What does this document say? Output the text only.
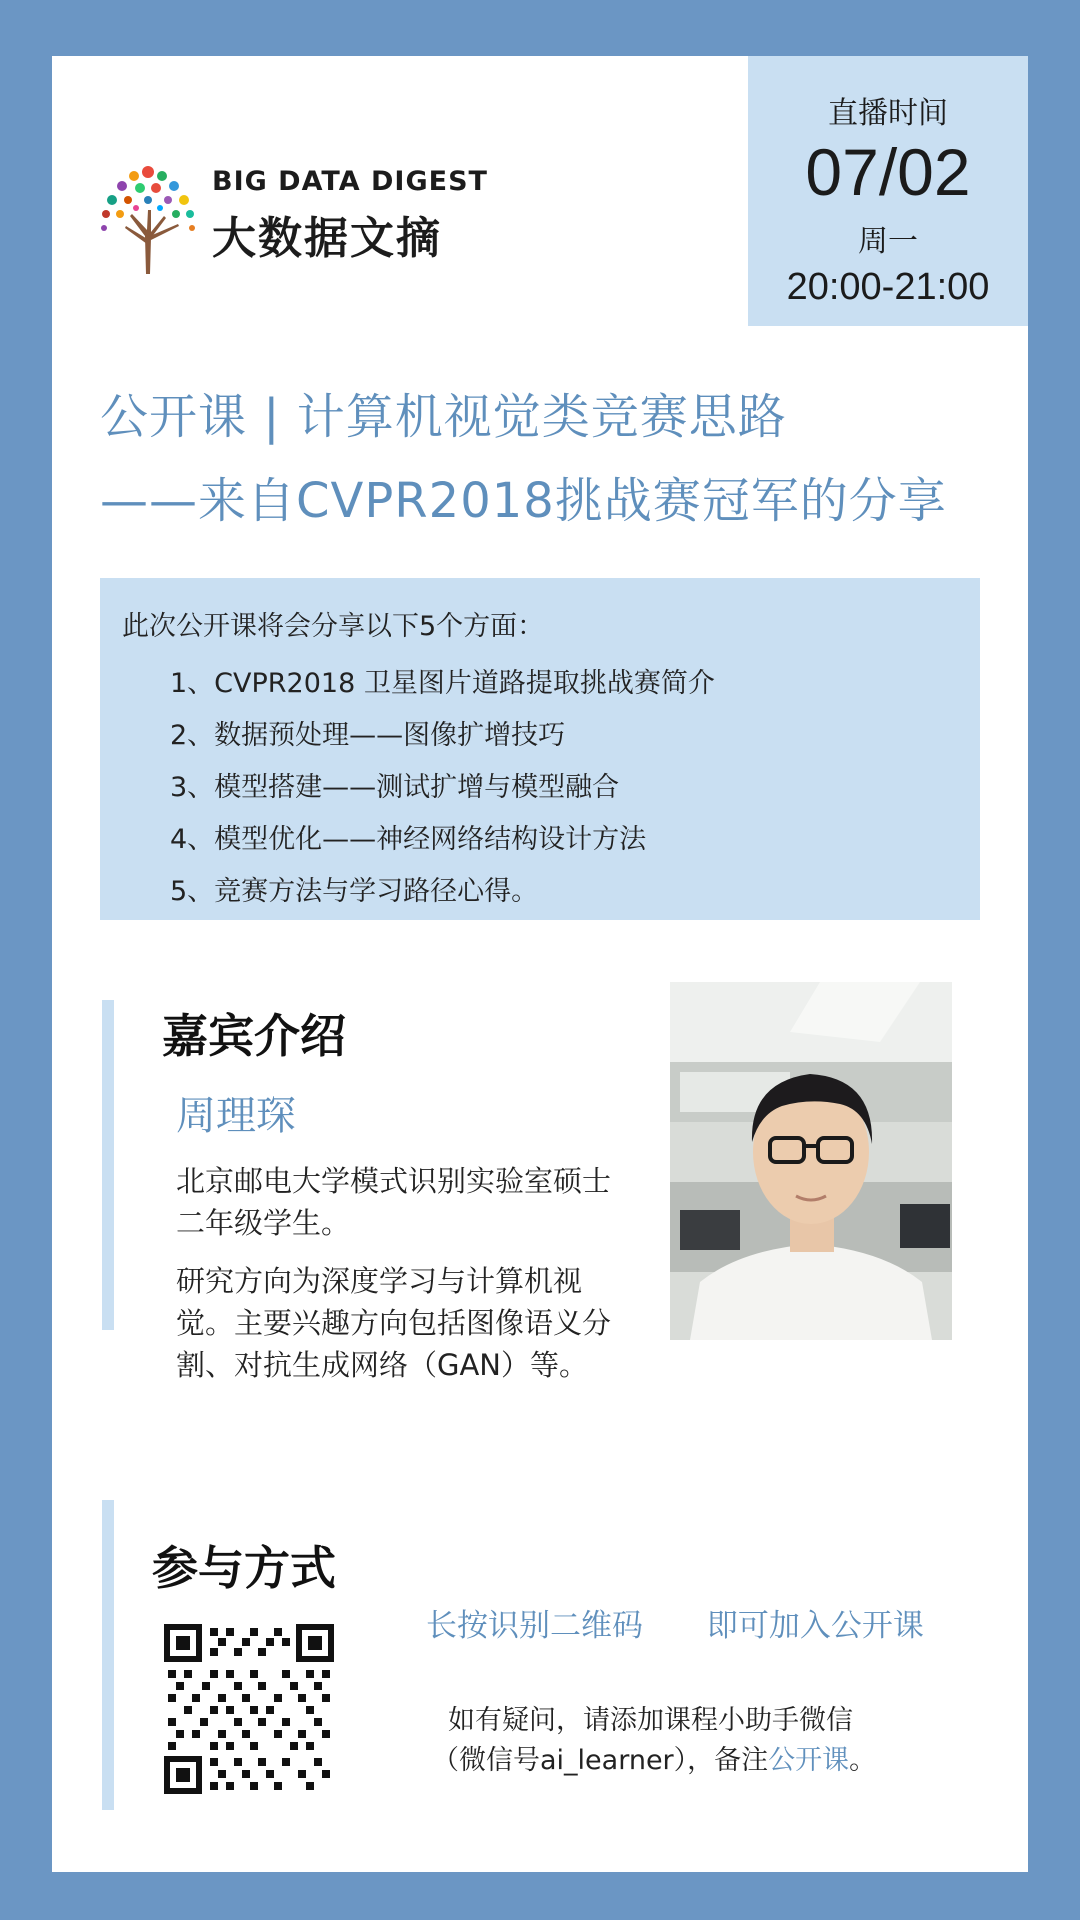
BIG DATA DIGEST
大数据文摘
直播时间
07/02
周一
20:00-21:00
公开课 | 计算机视觉类竞赛思路
——来自CVPR2018挑战赛冠军的分享
此次公开课将会分享以下5个方面：
1、CVPR2018 卫星图片道路提取挑战赛简介
2、数据预处理——图像扩增技巧
3、模型搭建——测试扩增与模型融合
4、模型优化——神经网络结构设计方法
5、竞赛方法与学习路径心得。
嘉宾介绍
周理琛
北京邮电大学模式识别实验室硕士二年级学生。
研究方向为深度学习与计算机视觉。主要兴趣方向包括图像语义分割、对抗生成网络（GAN）等。
参与方式
长按识别二维码 即可加入公开课
如有疑问，请添加课程小助手微信
（微信号ai_learner），备注公开课。
